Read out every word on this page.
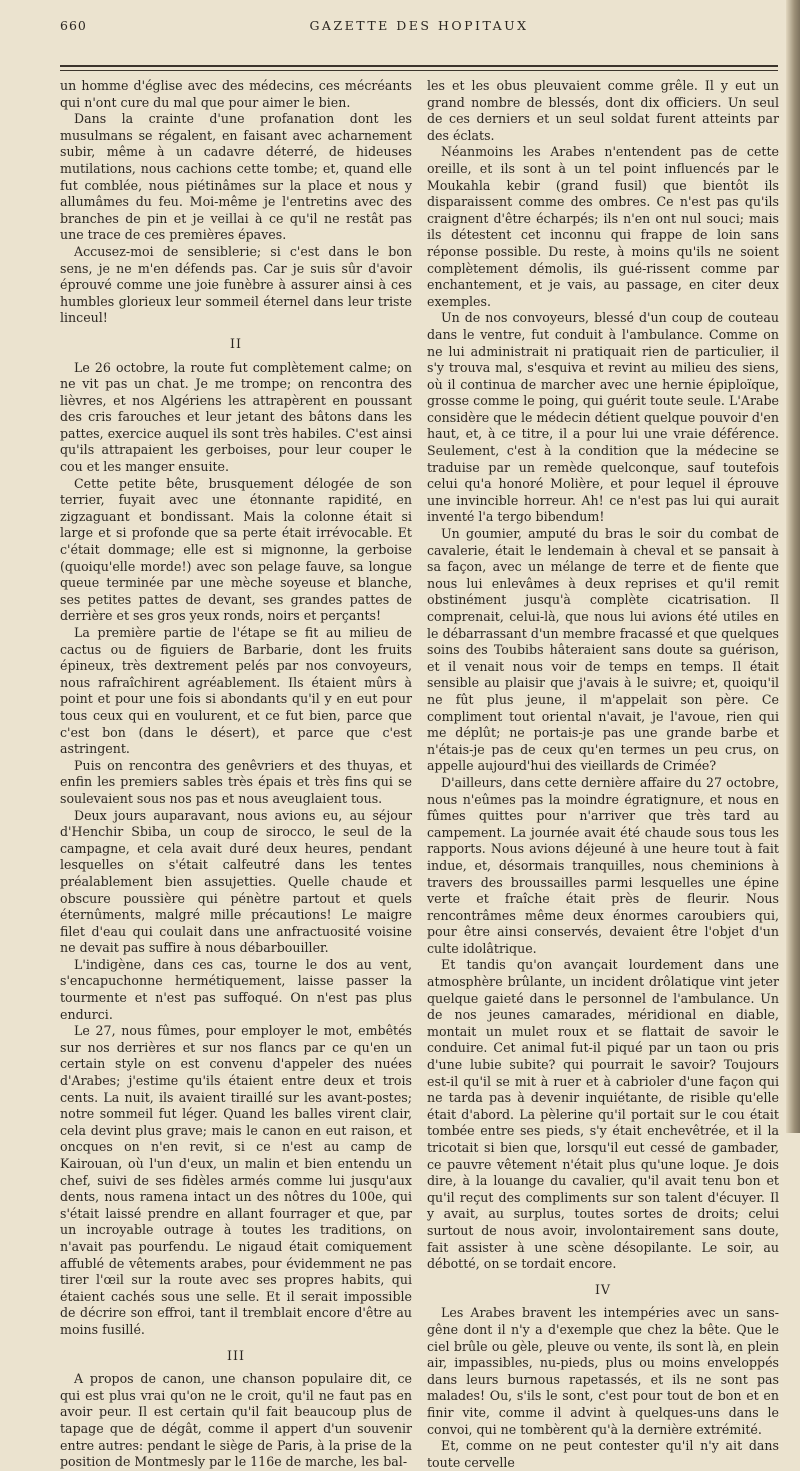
660	GAZETTE DES HOPITAUX

un homme d'église avec des médecins, ces mécréants qui n'ont cure du mal que pour aimer le bien.

Dans la crainte d'une profanation dont les musulmans se régalent, en faisant avec acharnement subir, même à un cadavre déterré, de hideuses mutilations, nous cachions cette tombe; et, quand elle fut comblée, nous piétinâmes sur la place et nous y allumâmes du feu. Moi-même je l'entretins avec des branches de pin et je veillai à ce qu'il ne restât pas une trace de ces premières épaves.

Accusez-moi de sensiblerie; si c'est dans le bon sens, je ne m'en défends pas. Car je suis sûr d'avoir éprouvé comme une joie funèbre à assurer ainsi à ces humbles glorieux leur sommeil éternel dans leur triste linceul!

II

Le 26 octobre, la route fut complètement calme; on ne vit pas un chat. Je me trompe; on rencontra des lièvres, et nos Algériens les attrapèrent en poussant des cris farouches et leur jetant des bâtons dans les pattes, exercice auquel ils sont très habiles. C'est ainsi qu'ils attrapaient les gerboises, pour leur couper le cou et les manger ensuite.

Cette petite bête, brusquement délogée de son terrier, fuyait avec une étonnante rapidité, en zigzaguant et bondissant. Mais la colonne était si large et si profonde que sa perte était irrévocable. Et c'était dommage; elle est si mignonne, la gerboise (quoiqu'elle morde!) avec son pelage fauve, sa longue queue terminée par une mèche soyeuse et blanche, ses petites pattes de devant, ses grandes pattes de derrière et ses gros yeux ronds, noirs et perçants!

La première partie de l'étape se fit au milieu de cactus ou de figuiers de Barbarie, dont les fruits épineux, très dextrement pelés par nos convoyeurs, nous rafraîchirent agréablement. Ils étaient mûrs à point et pour une fois si abondants qu'il y en eut pour tous ceux qui en voulurent, et ce fut bien, parce que c'est bon (dans le désert), et parce que c'est astringent.

Puis on rencontra des genêvriers et des thuyas, et enfin les premiers sables très épais et très fins qui se soulevaient sous nos pas et nous aveuglaient tous.

Deux jours auparavant, nous avions eu, au séjour d'Henchir Sbiba, un coup de sirocco, le seul de la campagne, et cela avait duré deux heures, pendant lesquelles on s'était calfeutré dans les tentes préalablement bien assujetties. Quelle chaude et obscure poussière qui pénètre partout et quels éternûments, malgré mille précautions! Le maigre filet d'eau qui coulait dans une anfractuosité voisine ne devait pas suffire à nous débarbouiller.

L'indigène, dans ces cas, tourne le dos au vent, s'encapuchonne hermétiquement, laisse passer la tourmente et n'est pas suffoqué. On n'est pas plus endurci.

Le 27, nous fûmes, pour employer le mot, embêtés sur nos derrières et sur nos flancs par ce qu'en un certain style on est convenu d'appeler des nuées d'Arabes; j'estime qu'ils étaient entre deux et trois cents. La nuit, ils avaient tiraillé sur les avant-postes; notre sommeil fut léger. Quand les balles virent clair, cela devint plus grave; mais le canon en eut raison, et oncques on n'en revit, si ce n'est au camp de Kairouan, où l'un d'eux, un malin et bien entendu un chef, suivi de ses fidèles armés comme lui jusqu'aux dents, nous ramena intact un des nôtres du 100e, qui s'était laissé prendre en allant fourrager et que, par un incroyable outrage à toutes les traditions, on n'avait pas pourfendu. Le nigaud était comiquement affublé de vêtements arabes, pour évidemment ne pas tirer l'œil sur la route avec ses propres habits, qui étaient cachés sous une selle. Et il serait impossible de décrire son effroi, tant il tremblait encore d'être au moins fusillé.

III

A propos de canon, une chanson populaire dit, ce qui est plus vrai qu'on ne le croit, qu'il ne faut pas en avoir peur. Il est certain qu'il fait beaucoup plus de tapage que de dégât, comme il appert d'un souvenir entre autres: pendant le siège de Paris, à la prise de la position de Montmesly par le 116e de marche, les bal-

les et les obus pleuvaient comme grêle. Il y eut un grand nombre de blessés, dont dix officiers. Un seul de ces derniers et un seul soldat furent atteints par des éclats.

Néanmoins les Arabes n'entendent pas de cette oreille, et ils sont à un tel point influencés par le Moukahla kebir (grand fusil) que bientôt ils disparaissent comme des ombres. Ce n'est pas qu'ils craignent d'être écharpés; ils n'en ont nul souci; mais ils détestent cet inconnu qui frappe de loin sans réponse possible. Du reste, à moins qu'ils ne soient complètement démolis, ils gué-rissent comme par enchantement, et je vais, au passage, en citer deux exemples.

Un de nos convoyeurs, blessé d'un coup de couteau dans le ventre, fut conduit à l'ambulance. Comme on ne lui administrait ni pratiquait rien de particulier, il s'y trouva mal, s'esquiva et revint au milieu des siens, où il continua de marcher avec une hernie épiploïque, grosse comme le poing, qui guérit toute seule. L'Arabe considère que le médecin détient quelque pouvoir d'en haut, et, à ce titre, il a pour lui une vraie déférence. Seulement, c'est à la condition que la médecine se traduise par un remède quelconque, sauf toutefois celui qu'a honoré Molière, et pour lequel il éprouve une invincible horreur. Ah! ce n'est pas lui qui aurait inventé l'a tergo bibendum!

Un goumier, amputé du bras le soir du combat de cavalerie, était le lendemain à cheval et se pansait à sa façon, avec un mélange de terre et de fiente que nous lui enlevâmes à deux reprises et qu'il remit obstinément jusqu'à complète cicatrisation. Il comprenait, celui-là, que nous lui avions été utiles en le débarrassant d'un membre fracassé et que quelques soins des Toubibs hâteraient sans doute sa guérison, et il venait nous voir de temps en temps. Il était sensible au plaisir que j'avais à le suivre; et, quoiqu'il ne fût plus jeune, il m'appelait son père. Ce compliment tout oriental n'avait, je l'avoue, rien qui me déplût; ne portais-je pas une grande barbe et n'étais-je pas de ceux qu'en termes un peu crus, on appelle aujourd'hui des vieillards de Crimée?

D'ailleurs, dans cette dernière affaire du 27 octobre, nous n'eûmes pas la moindre égratignure, et nous en fûmes quittes pour n'arriver que très tard au campement. La journée avait été chaude sous tous les rapports. Nous avions déjeuné à une heure tout à fait indue, et, désormais tranquilles, nous cheminions à travers des broussailles parmi lesquelles une épine verte et fraîche était près de fleurir. Nous rencontrâmes même deux énormes caroubiers qui, pour être ainsi conservés, devaient être l'objet d'un culte idolâtrique.

Et tandis qu'on avançait lourdement dans une atmosphère brûlante, un incident drôlatique vint jeter quelque gaieté dans le personnel de l'ambulance. Un de nos jeunes camarades, méridional en diable, montait un mulet roux et se flattait de savoir le conduire. Cet animal fut-il piqué par un taon ou pris d'une lubie subite? qui pourrait le savoir? Toujours est-il qu'il se mit à ruer et à cabrioler d'une façon qui ne tarda pas à devenir inquiétante, de risible qu'elle était d'abord. La pèlerine qu'il portait sur le cou était tombée entre ses pieds, s'y était enchevêtrée, et il la tricotait si bien que, lorsqu'il eut cessé de gambader, ce pauvre vêtement n'était plus qu'une loque. Je dois dire, à la louange du cavalier, qu'il avait tenu bon et qu'il reçut des compliments sur son talent d'écuyer. Il y avait, au surplus, toutes sortes de droits; celui surtout de nous avoir, involontairement sans doute, fait assister à une scène désopilante. Le soir, au débotté, on se tordait encore.

IV

Les Arabes bravent les intempéries avec un sans-gêne dont il n'y a d'exemple que chez la bête. Que le ciel brûle ou gèle, pleuve ou vente, ils sont là, en plein air, impassibles, nu-pieds, plus ou moins enveloppés dans leurs burnous rapetassés, et ils ne sont pas malades! Ou, s'ils le sont, c'est pour tout de bon et en finir vite, comme il advint à quelques-uns dans le convoi, qui ne tombèrent qu'à la dernière extrémité.

Et, comme on ne peut contester qu'il n'y ait dans toute cervelle
